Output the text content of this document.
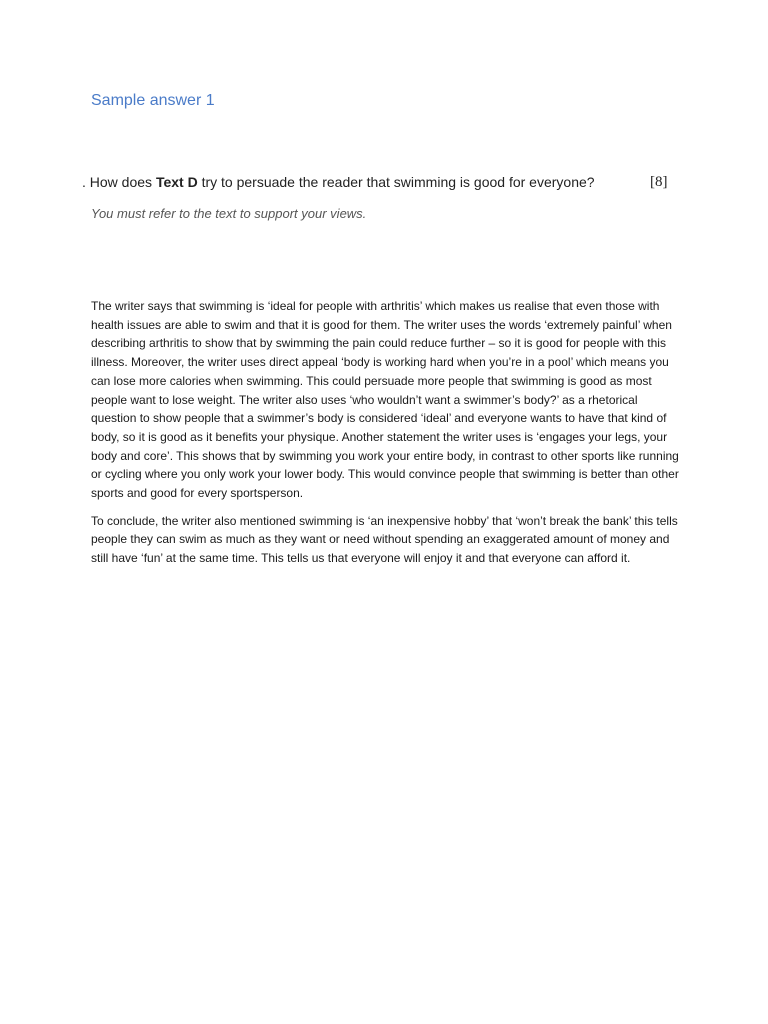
Sample answer 1
. How does Text D try to persuade the reader that swimming is good for everyone?	[8]
You must refer to the text to support your views.

The writer says that swimming is ‘ideal for people with arthritis’ which makes us realise that even those with health issues are able to swim and that it is good for them. The writer uses the words ‘extremely painful’ when describing arthritis to show that by swimming the pain could reduce further – so it is good for people with this illness. Moreover, the writer uses direct appeal ‘body is working hard when you’re in a pool’ which means you can lose more calories when swimming. This could persuade more people that swimming is good as most people want to lose weight. The writer also uses ‘who wouldn’t want a swimmer’s body?’ as a rhetorical question to show people that a swimmer’s body is considered ‘ideal’ and everyone wants to have that kind of body, so it is good as it benefits your physique. Another statement the writer uses is ‘engages your legs, your body and core’. This shows that by swimming you work your entire body, in contrast to other sports like running or cycling where you only work your lower body. This would convince people that swimming is better than other sports and good for every sportsperson.

To conclude, the writer also mentioned swimming is ‘an inexpensive hobby’ that ‘won’t break the bank’ this tells people they can swim as much as they want or need without spending an exaggerated amount of money and still have ‘fun’ at the same time. This tells us that everyone will enjoy it and that everyone can afford it.
